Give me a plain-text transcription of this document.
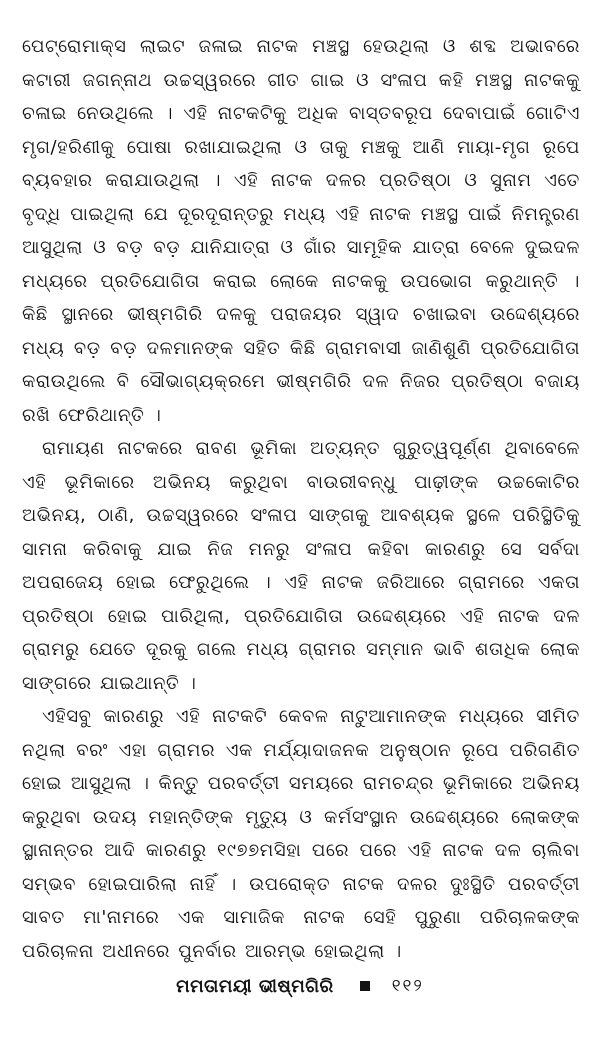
ପେଟ୍ରୋମାକ୍ସ ଲାଇଟ ଜଳାଇ ନାଟକ ମଞ୍ଚସ୍ଥ ହେଉଥିଲା ଓ ଶବ୍ଦ ଅଭାବରେ କଟାରୀ ଜଗନ୍ନାଥ ଉଚ୍ଚସ୍ୱରରେ ଗୀତ ଗାଇ ଓ ସଂଳାପ କହି ମଞ୍ଚସ୍ଥ ନାଟକକୁ ଚଳାଇ ନେଉଥିଲେ । ଏହି ନାଟକଟିକୁ ଅଧିକ ବାସ୍ତବରୂପ ଦେବାପାଇଁ ଗୋଟିଏ ମୃଗ/ହରିଣୀକୁ ପୋଷା ରଖାଯାଇଥିଲା ଓ ତାକୁ ମଞ୍ଚକୁ ଆଣି ମାୟା-ମୃଗ ରୂପେ ବ୍ୟବହାର କରାଯାଉଥିଲା । ଏହି ନାଟକ ଦଳର ପ୍ରତିଷ୍ଠା ଓ ସୁନାମ ଏତେ ବୃଦ୍ଧି ପାଇଥିଲା ଯେ ଦୂରଦୂରାନ୍ତରୁ ମଧ୍ୟ ଏହି ନାଟକ ମଞ୍ଚସ୍ଥ ପାଇଁ ନିମନ୍ତ୍ରଣ ଆସୁଥିଲା ଓ ବଡ଼ ବଡ଼ ଯାନିଯାତ୍ରା ଓ ଗାଁର ସାମୂହିକ ଯାତ୍ରା ବେଳେ ଦୁଇଦଳ ମଧ୍ୟରେ ପ୍ରତିଯୋଗିତା କରାଇ ଲୋକେ ନାଟକକୁ ଉପଭୋଗ କରୁଥାନ୍ତି । କିଛି ସ୍ଥାନରେ ଭୀଷ୍ମଗିରି ଦଳକୁ ପରାଜୟର ସ୍ୱାଦ ଚଖାଇବା ଉଦ୍ଦେଶ୍ୟରେ ମଧ୍ୟ ବଡ଼ ବଡ଼ ଦଳମାନଙ୍କ ସହିତ କିଛି ଗ୍ରାମବାସୀ ଜାଣିଶୁଣି ପ୍ରତିଯୋଗିତା କରାଉଥିଲେ ବି ସୌଭାଗ୍ୟକ୍ରମେ ଭୀଷ୍ମଗିରି ଦଳ ନିଜର ପ୍ରତିଷ୍ଠା ବଜାୟ ରଖି ଫେରିଥାନ୍ତି ।

ରାମାୟଣ ନାଟକରେ ରାବଣ ଭୂମିକା ଅତ୍ୟନ୍ତ ଗୁରୁତ୍ୱପୂର୍ଣ୍ଣ ଥିବାବେଳେ ଏହି ଭୂମିକାରେ ଅଭିନୟ କରୁଥିବା ବାଉରୀବନ୍ଧୁ ପାଢ଼ୀଙ୍କ ଉଚ୍ଚକୋଟିର ଅଭିନୟ, ଠାଣି, ଉଚ୍ଚସ୍ୱରରେ ସଂଳାପ ସାଙ୍ଗକୁ ଆବଶ୍ୟକ ସ୍ଥଳେ ପରିସ୍ଥିତିକୁ ସାମନା କରିବାକୁ ଯାଇ ନିଜ ମନରୁ ସଂଳାପ କହିବା କାରଣରୁ ସେ ସର୍ବଦା ଅପରାଜେୟ ହୋଇ ଫେରୁଥିଲେ । ଏହି ନାଟକ ଜରିଆରେ ଗ୍ରାମରେ ଏକତା ପ୍ରତିଷ୍ଠା ହୋଇ ପାରିଥିଲା, ପ୍ରତିଯୋଗିତା ଉଦ୍ଦେଶ୍ୟରେ ଏହି ନାଟକ ଦଳ ଗ୍ରାମରୁ ଯେତେ ଦୂରକୁ ଗଲେ ମଧ୍ୟ ଗ୍ରାମର ସମ୍ମାନ ଭାବି ଶତାଧିକ ଲୋକ ସାଙ୍ଗରେ ଯାଇଥାନ୍ତି ।

ଏହିସବୁ କାରଣରୁ ଏହି ନାଟକଟି କେବଳ ନାଟୁଆମାନଙ୍କ ମଧ୍ୟରେ ସୀମିତ ନଥିଲା ବରଂ ଏହା ଗ୍ରାମର ଏକ ମର୍ଯ୍ୟାଦାଜନକ ଅନୁଷ୍ଠାନ ରୂପେ ପରିଗଣିତ ହୋଇ ଆସୁଥିଲା । କିନ୍ତୁ ପରବର୍ତ୍ତୀ ସମୟରେ ରାମଚନ୍ଦ୍ର ଭୂମିକାରେ ଅଭିନୟ କରୁଥିବା ଉଦୟ ମହାନ୍ତିଙ୍କ ମୃତ୍ୟୁ ଓ କର୍ମସଂସ୍ଥାନ ଉଦ୍ଦେଶ୍ୟରେ ଲୋକଙ୍କ ସ୍ଥାନାନ୍ତର ଆଦି କାରଣରୁ ୧୯୭୭ମସିହା ପରେ ପରେ ଏହି ନାଟକ ଦଳ ଚାଲିବା ସମ୍ଭବ ହୋଇପାରିଲା ନାହିଁ । ଉପରୋକ୍ତ ନାଟକ ଦଳର ଦୁଃସ୍ଥିତି ପରବର୍ତ୍ତୀ ସାବତ ମା'ନାମରେ ଏକ ସାମାଜିକ ନାଟକ ସେହି ପୁରୁଣା ପରିଚାଳକଙ୍କ ପରିଚାଳନା ଅଧୀନରେ ପୁନର୍ବାର ଆରମ୍ଭ ହୋଇଥିଲା ।

ମମତାମୟୀ ଭୀଷ୍ମଗିରି	୧୧୨
